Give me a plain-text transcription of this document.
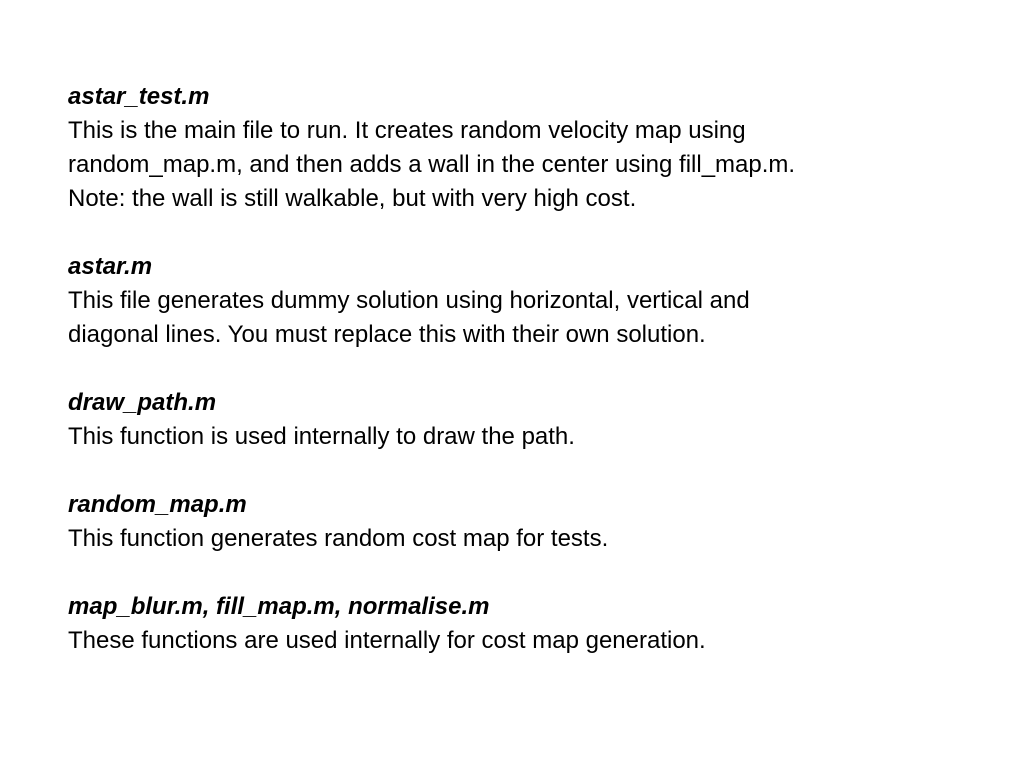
astar_test.m
This is the main file to run. It creates random velocity map using
random_map.m, and then adds a wall in the center using fill_map.m.
Note: the wall is still walkable, but with very high cost.
astar.m
This file generates dummy solution using horizontal, vertical and
diagonal lines. You must replace this with their own solution.
draw_path.m
This function is used internally to draw the path.
random_map.m
This function generates random cost map for tests.
map_blur.m, fill_map.m, normalise.m
These functions are used internally for cost map generation.
